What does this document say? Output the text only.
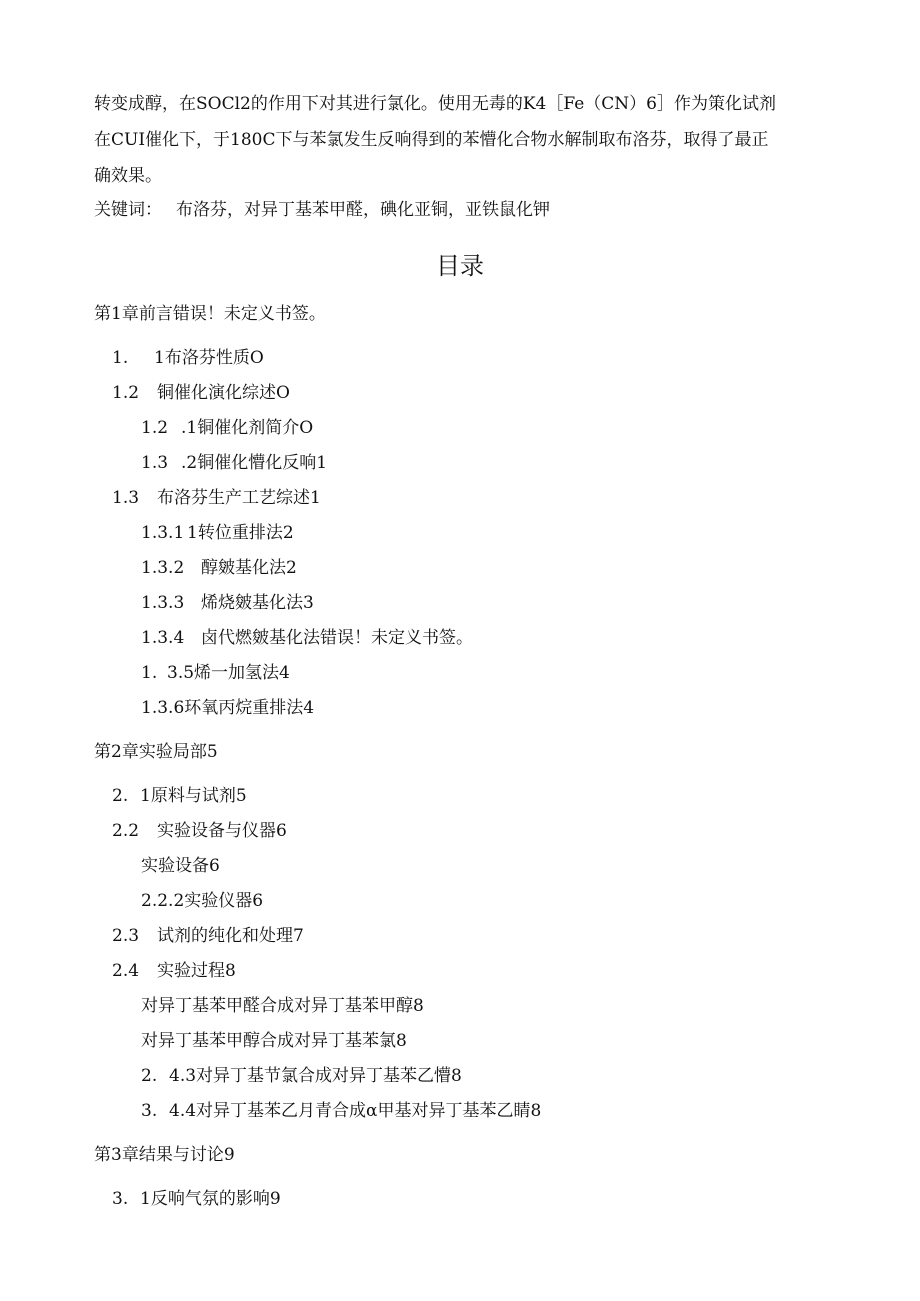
转变成醇，在SOCl2的作用下对其进行氯化。使用无毒的K4［Fe（CN）6］作为策化试剂
在CUI催化下，于180C下与苯氯发生反响得到的苯懵化合物水解制取布洛芬，取得了最正
确效果。
关键词： 布洛芬，对异丁基苯甲醛，碘化亚铜，亚铁鼠化钾
目录
第1章前言错误！未定义书签。
1. 1布洛芬性质O
1.2 铜催化演化综述O
1.2 .1铜催化剂简介O
1.3 .2铜催化懵化反响1
1.3 布洛芬生产工艺综述1
1.3.1 1转位重排法2
1.3.2 醇皴基化法2
1.3.3 烯烧皴基化法3
1.3.4 卤代燃皴基化法错误！未定义书签。
1. 3.5烯一加氢法4
1.3.6环氧丙烷重排法4
第2章实验局部5
2. 1原料与试剂5
2.2 实验设备与仪器6
实验设备6
2.2.2实验仪器6
2.3 试剂的纯化和处理7
2.4 实验过程8
对异丁基苯甲醛合成对异丁基苯甲醇8
对异丁基苯甲醇合成对异丁基苯氯8
2. 4.3对异丁基节氯合成对异丁基苯乙懵8
3. 4.4对异丁基苯乙月青合成α甲基对异丁基苯乙睛8
第3章结果与讨论9
3. 1反响气氛的影响9
